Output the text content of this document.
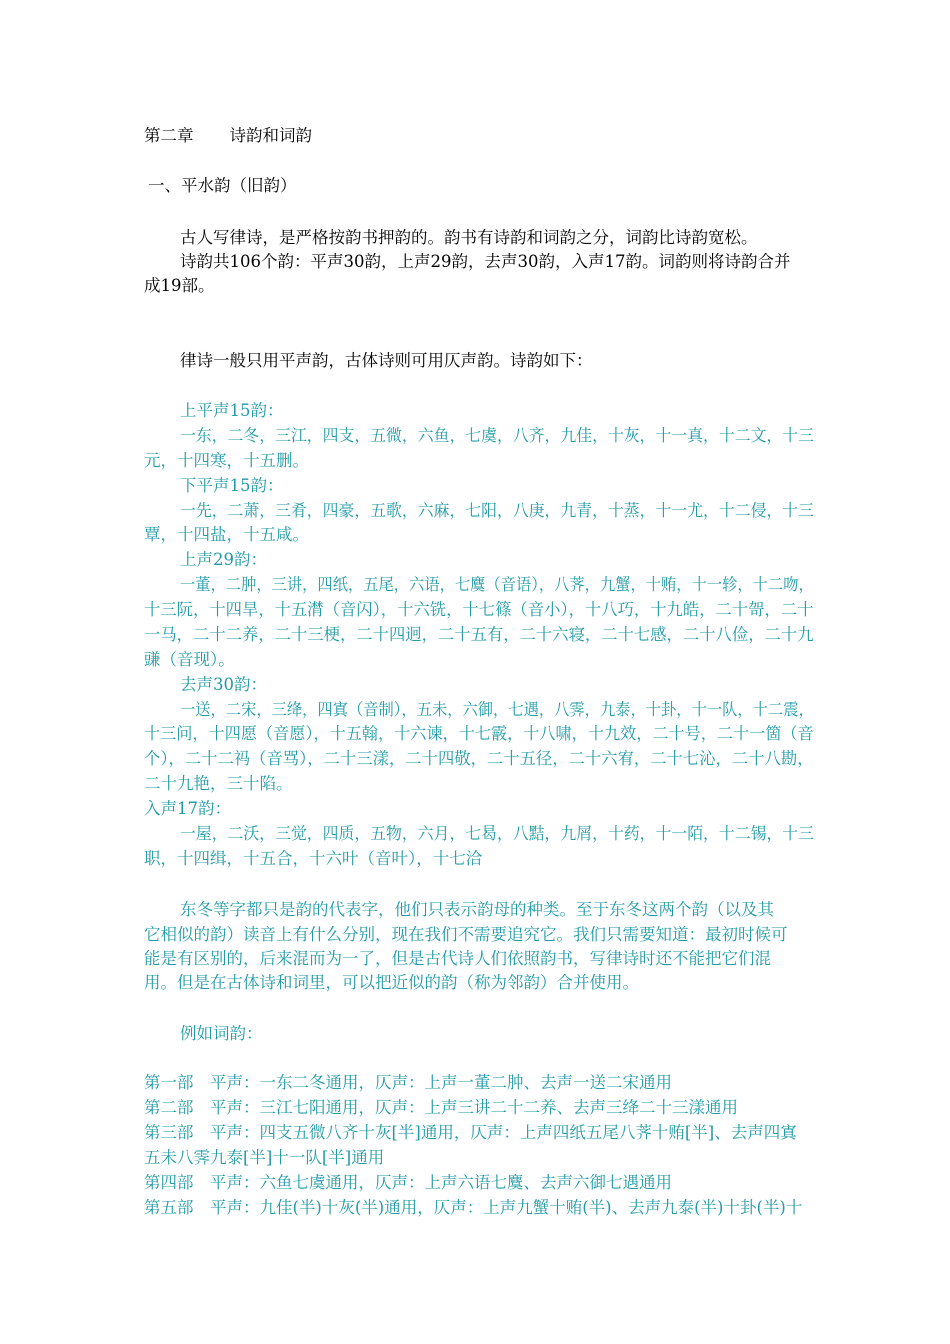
第二章 诗韵和词韵
一、平水韵（旧韵）
古人写律诗，是严格按韵书押韵的。韵书有诗韵和词韵之分，词韵比诗韵宽松。
诗韵共106个韵：平声30韵，上声29韵，去声30韵，入声17韵。词韵则将诗韵合并
成19部。
律诗一般只用平声韵，古体诗则可用仄声韵。诗韵如下：
上平声15韵：
一东，二冬，三江，四支，五微，六鱼，七虞，八齐，九佳，十灰，十一真，十二文，十三
元，十四寒，十五删。
下平声15韵：
一先，二萧，三肴，四豪，五歌，六麻，七阳，八庚，九青，十蒸，十一尤，十二侵，十三
覃，十四盐，十五咸。
上声29韵：
一董，二肿，三讲，四纸，五尾，六语，七麌（音语），八荠，九蟹，十贿，十一轸，十二吻，
十三阮，十四旱，十五潸（音闪），十六铣，十七篠（音小），十八巧，十九皓，二十哿，二十
一马，二十二养，二十三梗，二十四迥，二十五有，二十六寝，二十七感，二十八俭，二十九
豏（音现）。
去声30韵：
一送，二宋，三绛，四寘（音制），五未，六御，七遇，八霁，九泰，十卦，十一队，十二震，
十三问，十四愿（音愿），十五翰，十六谏，十七霰，十八啸，十九效，二十号，二十一箇（音
个），二十二祃（音骂），二十三漾，二十四敬，二十五径，二十六宥，二十七沁，二十八勘，
二十九艳，三十陷。
入声17韵：
一屋，二沃，三觉，四质，五物，六月，七曷，八黠，九屑，十药，十一陌，十二锡，十三
职，十四缉，十五合，十六叶（音叶），十七洽
东冬等字都只是韵的代表字，他们只表示韵母的种类。至于东冬这两个韵（以及其
它相似的韵）读音上有什么分别，现在我们不需要追究它。我们只需要知道：最初时候可
能是有区别的，后来混而为一了，但是古代诗人们依照韵书，写律诗时还不能把它们混
用。但是在古体诗和词里，可以把近似的韵（称为邻韵）合并使用。
例如词韵：
第一部　平声：一东二冬通用，仄声：上声一董二肿、去声一送二宋通用
第二部　平声：三江七阳通用，仄声：上声三讲二十二养、去声三绛二十三漾通用
第三部　平声：四支五微八齐十灰[半]通用，仄声：上声四纸五尾八荠十贿[半]、去声四寘
五未八霁九泰[半]十一队[半]通用
第四部　平声：六鱼七虞通用，仄声：上声六语七麌、去声六御七遇通用
第五部　平声：九佳(半)十灰(半)通用，仄声：上声九蟹十贿(半)、去声九泰(半)十卦(半)十
